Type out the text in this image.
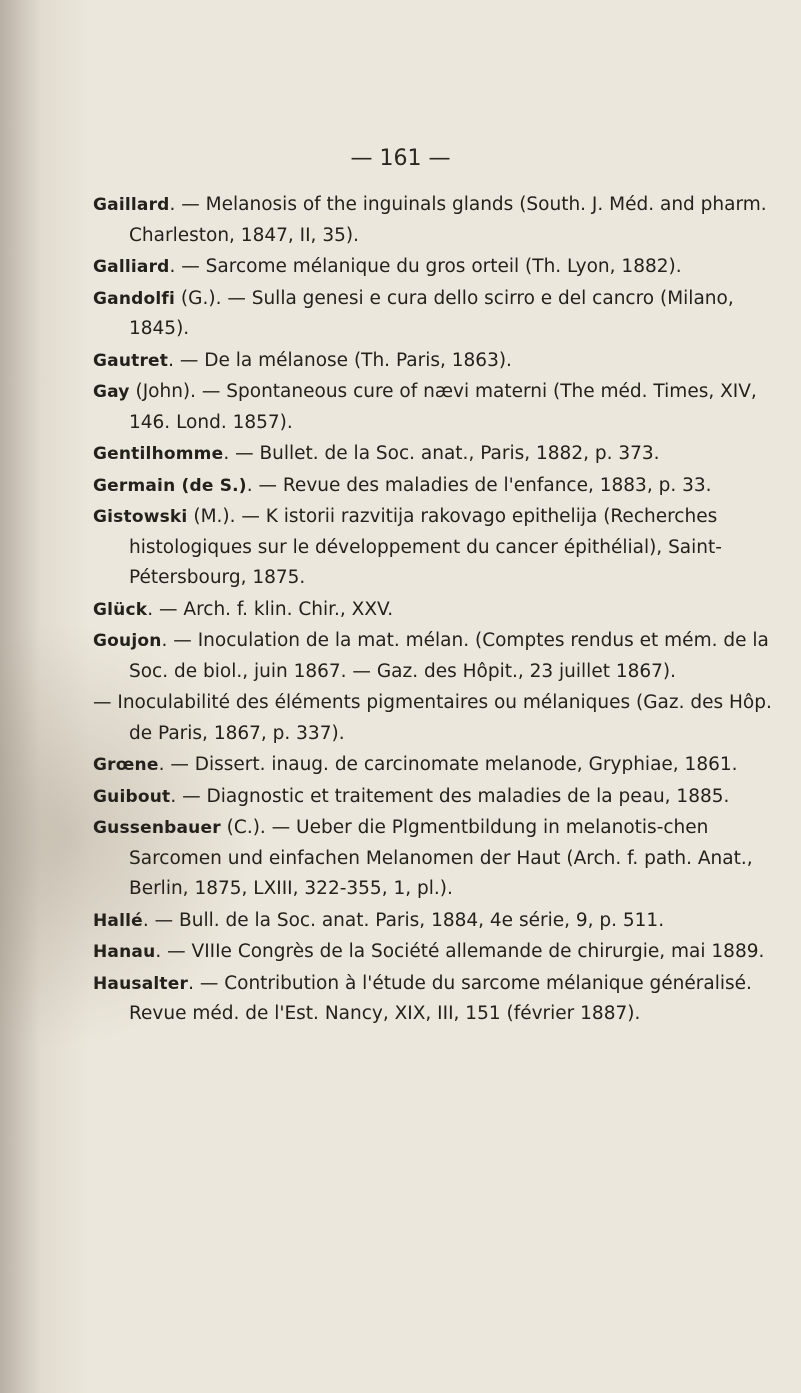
— 161 —

Gaillard. — Melanosis of the inguinals glands (South. J. Méd. and pharm. Charleston, 1847, II, 35).

Galliard. — Sarcome mélanique du gros orteil (Th. Lyon, 1882).

Gandolfi (G.). — Sulla genesi e cura dello scirro e del cancro (Milano, 1845).

Gautret. — De la mélanose (Th. Paris, 1863).

Gay (John). — Spontaneous cure of nævi materni (The méd. Times, XIV, 146. Lond. 1857).

Gentilhomme. — Bullet. de la Soc. anat., Paris, 1882, p. 373.

Germain (de S.). — Revue des maladies de l'enfance, 1883, p. 33.

Gistowski (M.). — K istorii razvitija rakovago epithelija (Recherches histologiques sur le développement du cancer épithélial), Saint-Pétersbourg, 1875.

Glück. — Arch. f. klin. Chir., XXV.

Goujon. — Inoculation de la mat. mélan. (Comptes rendus et mém. de la Soc. de biol., juin 1867. — Gaz. des Hôpit., 23 juillet 1867).

— Inoculabilité des éléments pigmentaires ou mélaniques (Gaz. des Hôp. de Paris, 1867, p. 337).

Grœne. — Dissert. inaug. de carcinomate melanode, Gryphiae, 1861.

Guibout. — Diagnostic et traitement des maladies de la peau, 1885.

Gussenbauer (C.). — Ueber die Plgmentbildung in melanotis-chen Sarcomen und einfachen Melanomen der Haut (Arch. f. path. Anat., Berlin, 1875, LXIII, 322-355, 1, pl.).

Hallé. — Bull. de la Soc. anat. Paris, 1884, 4e série, 9, p. 511.

Hanau. — VIIIe Congrès de la Société allemande de chirurgie, mai 1889.

Hausalter. — Contribution à l'étude du sarcome mélanique généralisé. Revue méd. de l'Est. Nancy, XIX, III, 151 (février 1887).
